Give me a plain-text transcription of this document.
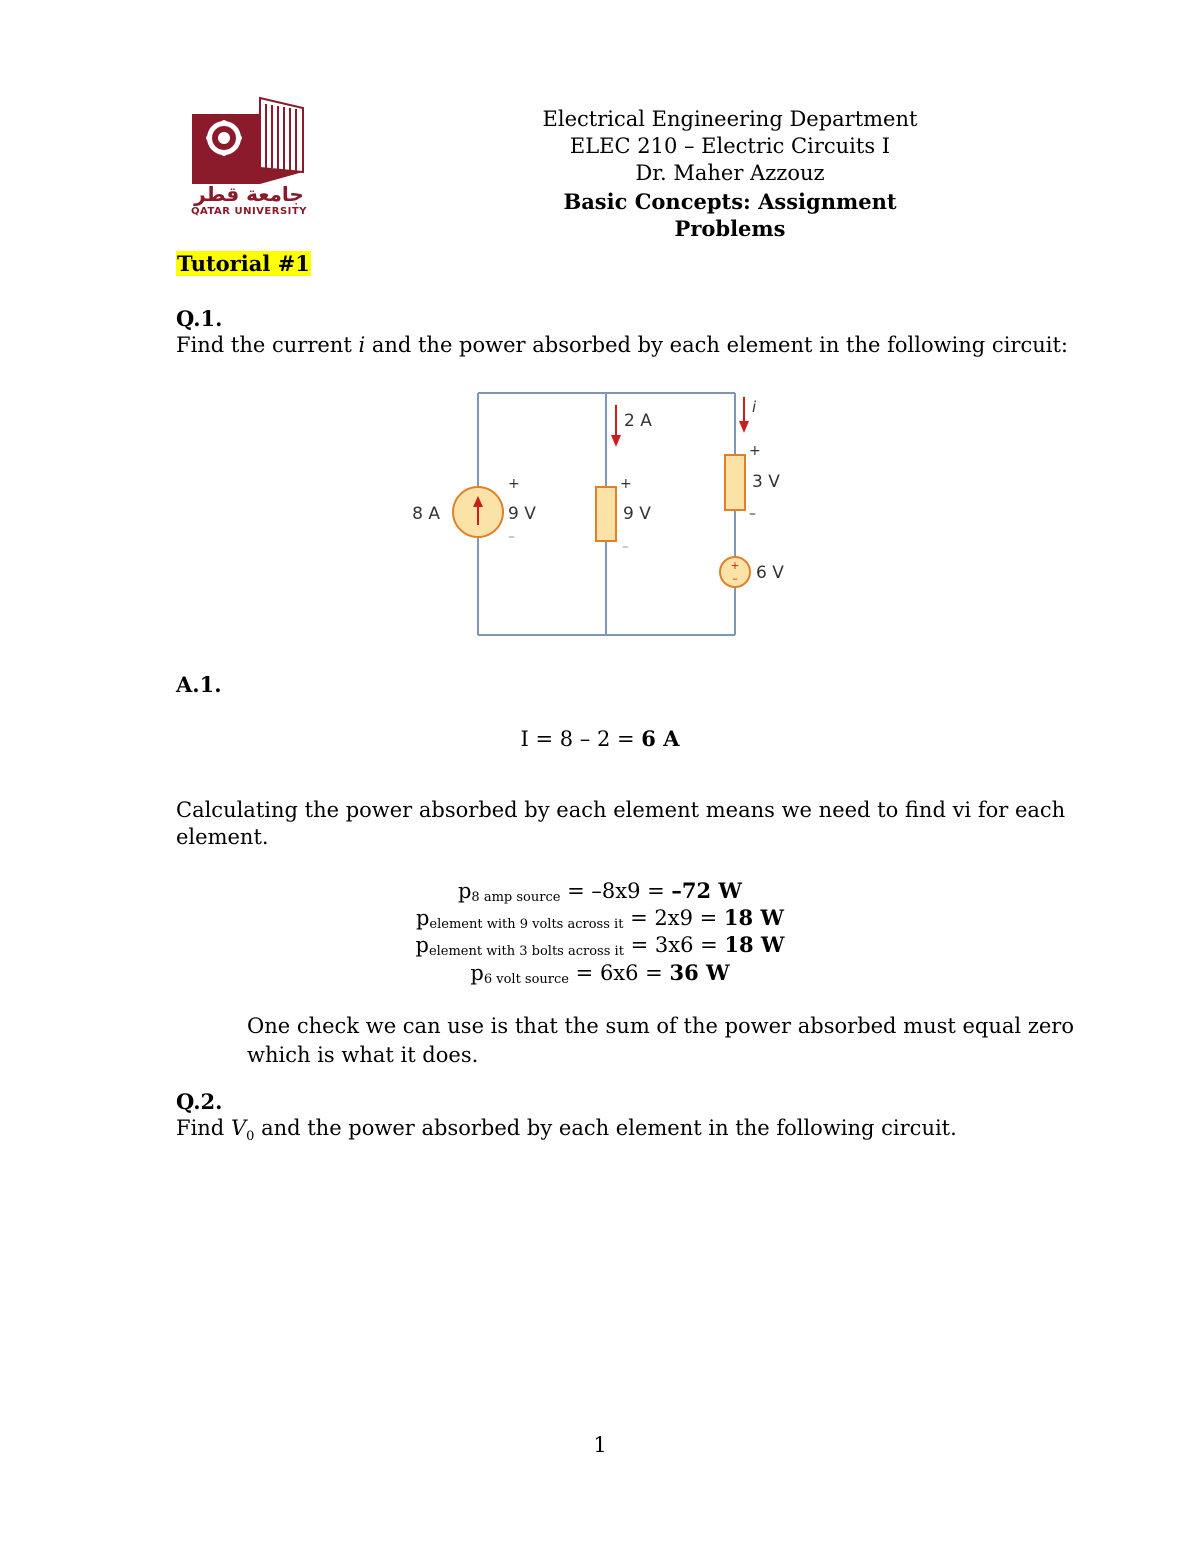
جامعة قطر
QATAR UNIVERSITY
Electrical Engineering Department
ELEC 210 – Electric Circuits I
Dr. Maher Azzouz
Basic Concepts: Assignment Problems
Tutorial #1
Q.1.
Find the current i and the power absorbed by each element in the following circuit:
8 A
+
9 V
–
2 A
+
9 V
–
i
+
3 V
–
+
– 6 V
A.1.
I = 8 – 2 = 6 A
Calculating the power absorbed by each element means we need to find vi for each
element.
$p_{8 amp source} = -8x9 = -72$ W
$p_{element with 9 volts across it} = 2x9 = 18$ W
$p_{element with 3 bolts across it} = 3x6 = 18$ W
$p_{6 volt source} = 6x6 = 36$ W
One check we can use is that the sum of the power absorbed must equal zero
which is what it does.
Q.2.
Find $V_0$ and the power absorbed by each element in the following circuit.
1
